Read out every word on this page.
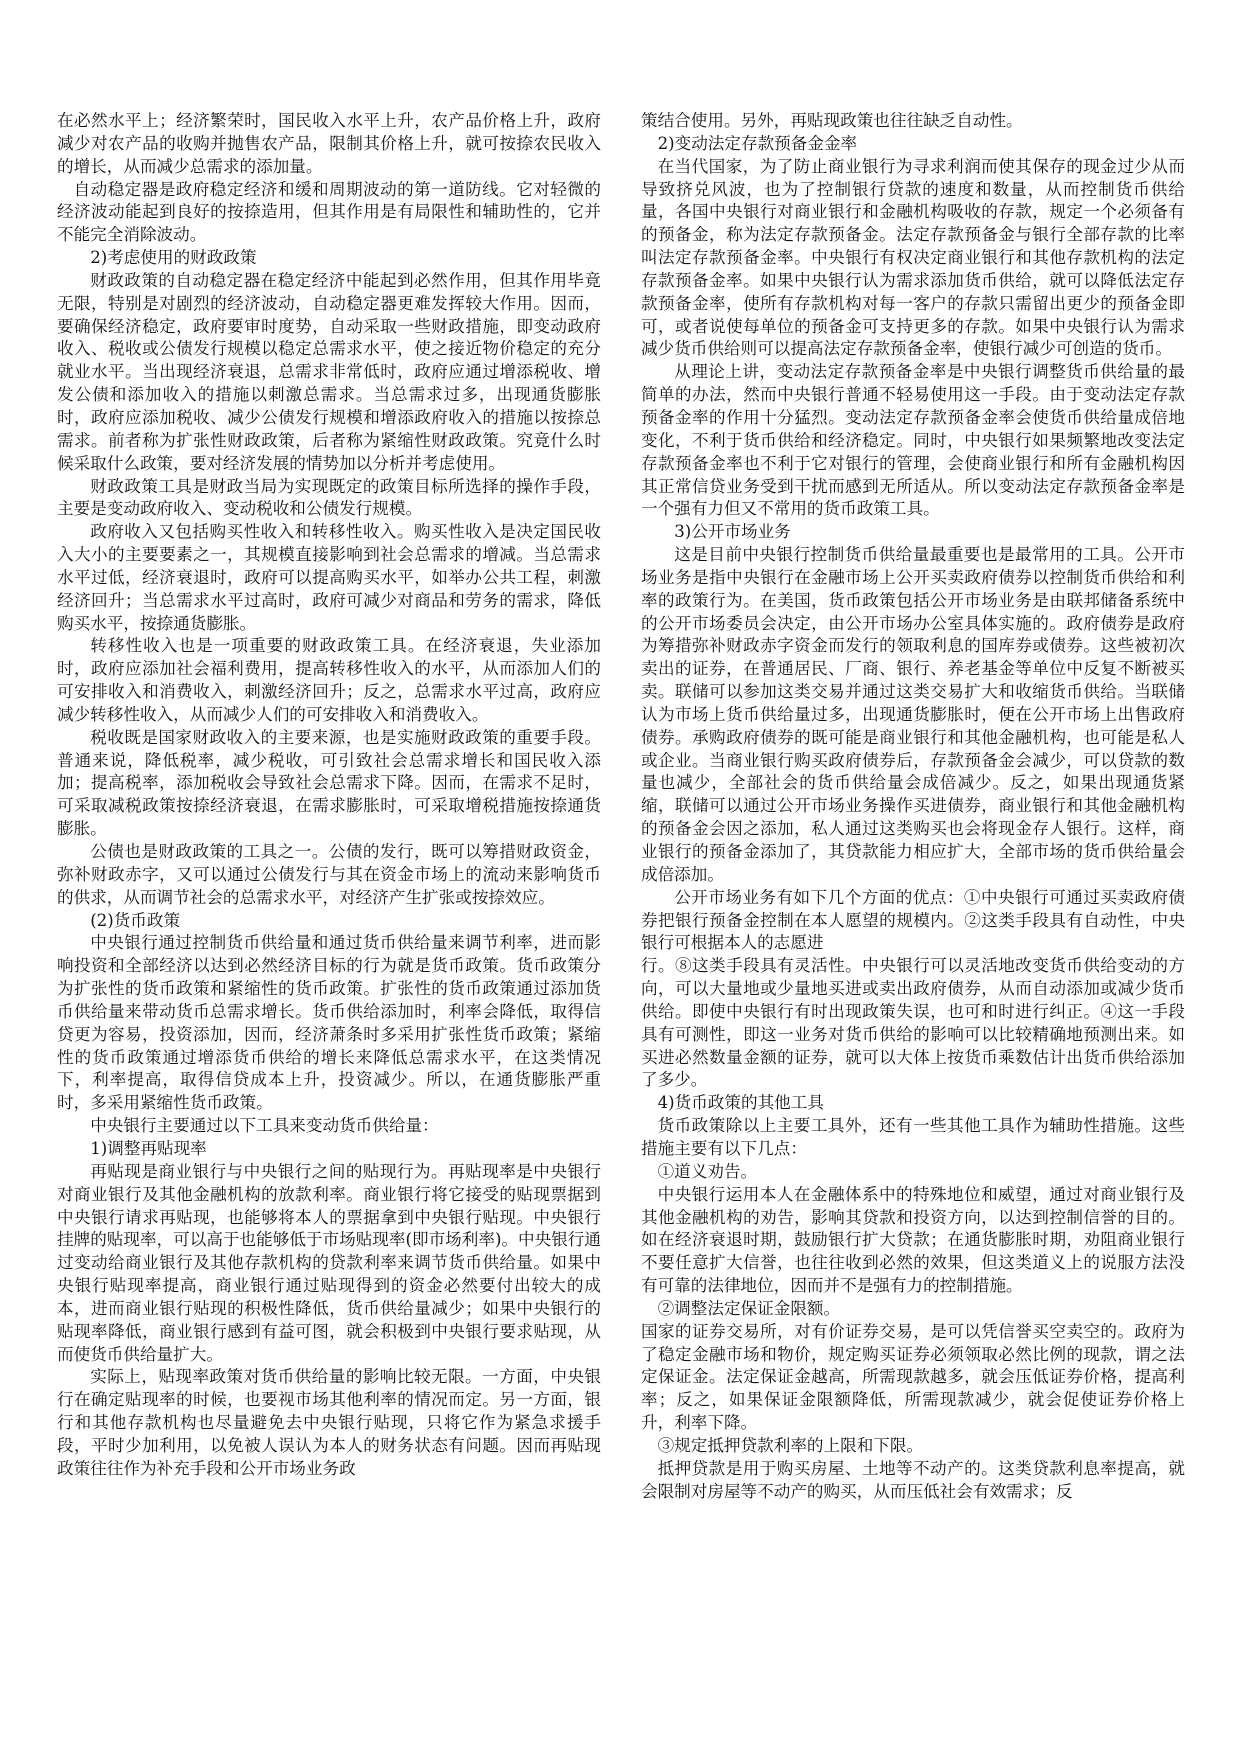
在必然水平上；经济繁荣时，国民收入水平上升，农产品价格上升，政府减少对农产品的收购并抛售农产品，限制其价格上升，就可按捺农民收入的增长，从而减少总需求的添加量。

自动稳定器是政府稳定经济和缓和周期波动的第一道防线。它对轻微的经济波动能起到良好的按捺造用，但其作用是有局限性和辅助性的，它并不能完全消除波动。

2)考虑使用的财政政策

财政政策的自动稳定器在稳定经济中能起到必然作用，但其作用毕竟无限，特别是对剧烈的经济波动，自动稳定器更难发挥较大作用。因而，要确保经济稳定，政府要审时度势，自动采取一些财政措施，即变动政府收入、税收或公债发行规模以稳定总需求水平，使之接近物价稳定的充分就业水平。当出现经济衰退，总需求非常低时，政府应通过增添税收、增发公债和添加收入的措施以刺激总需求。当总需求过多，出现通货膨胀时，政府应添加税收、减少公债发行规模和增添政府收入的措施以按捺总需求。前者称为扩张性财政政策，后者称为紧缩性财政政策。究竟什么时候采取什么政策，要对经济发展的情势加以分析并考虑使用。

财政政策工具是财政当局为实现既定的政策目标所选择的操作手段，主要是变动政府收入、变动税收和公债发行规模。

政府收入又包括购买性收入和转移性收入。购买性收入是决定国民收入大小的主要要素之一，其规模直接影响到社会总需求的增减。当总需求水平过低，经济衰退时，政府可以提高购买水平，如举办公共工程，刺激经济回升；当总需求水平过高时，政府可减少对商品和劳务的需求，降低购买水平，按捺通货膨胀。

转移性收入也是一项重要的财政政策工具。在经济衰退，失业添加时，政府应添加社会福利费用，提高转移性收入的水平，从而添加人们的可安排收入和消费收入，刺激经济回升；反之，总需求水平过高，政府应减少转移性收入，从而减少人们的可安排收入和消费收入。

税收既是国家财政收入的主要来源，也是实施财政政策的重要手段。普通来说，降低税率，减少税收，可引致社会总需求增长和国民收入添加；提高税率，添加税收会导致社会总需求下降。因而，在需求不足时，可采取减税政策按捺经济衰退，在需求膨胀时，可采取增税措施按捺通货膨胀。

公债也是财政政策的工具之一。公债的发行，既可以筹措财政资金，弥补财政赤字，又可以通过公债发行与其在资金市场上的流动来影响货币的供求，从而调节社会的总需求水平，对经济产生扩张或按捺效应。

(2)货币政策

中央银行通过控制货币供给量和通过货币供给量来调节利率，进而影响投资和全部经济以达到必然经济目标的行为就是货币政策。货币政策分为扩张性的货币政策和紧缩性的货币政策。扩张性的货币政策通过添加货币供给量来带动货币总需求增长。货币供给添加时，利率会降低，取得信贷更为容易，投资添加，因而，经济萧条时多采用扩张性货币政策；紧缩性的货币政策通过增添货币供给的增长来降低总需求水平，在这类情况下，利率提高，取得信贷成本上升，投资减少。所以，在通货膨胀严重时，多采用紧缩性货币政策。

中央银行主要通过以下工具来变动货币供给量：

1)调整再贴现率

再贴现是商业银行与中央银行之间的贴现行为。再贴现率是中央银行对商业银行及其他金融机构的放款利率。商业银行将它接受的贴现票据到中央银行请求再贴现，也能够将本人的票据拿到中央银行贴现。中央银行挂牌的贴现率，可以高于也能够低于市场贴现率(即市场利率)。中央银行通过变动给商业银行及其他存款机构的贷款利率来调节货币供给量。如果中央银行贴现率提高，商业银行通过贴现得到的资金必然要付出较大的成本，进而商业银行贴现的积极性降低，货币供给量减少；如果中央银行的贴现率降低，商业银行感到有益可图，就会积极到中央银行要求贴现，从而使货币供给量扩大。

实际上，贴现率政策对货币供给量的影响比较无限。一方面，中央银行在确定贴现率的时候，也要视市场其他利率的情况而定。另一方面，银行和其他存款机构也尽量避免去中央银行贴现，只将它作为紧急求援手段，平时少加利用，以免被人误认为本人的财务状态有问题。因而再贴现政策往往作为补充手段和公开市场业务政

策结合使用。另外，再贴现政策也往往缺乏自动性。

2)变动法定存款预备金金率

在当代国家，为了防止商业银行为寻求利润而使其保存的现金过少从而导致挤兑风波，也为了控制银行贷款的速度和数量，从而控制货币供给量，各国中央银行对商业银行和金融机构吸收的存款，规定一个必须备有的预备金，称为法定存款预备金。法定存款预备金与银行全部存款的比率叫法定存款预备金率。中央银行有权决定商业银行和其他存款机构的法定存款预备金率。如果中央银行认为需求添加货币供给，就可以降低法定存款预备金率，使所有存款机构对每一客户的存款只需留出更少的预备金即可，或者说使每单位的预备金可支持更多的存款。如果中央银行认为需求减少货币供给则可以提高法定存款预备金率，使银行减少可创造的货币。

从理论上讲，变动法定存款预备金率是中央银行调整货币供给量的最简单的办法，然而中央银行普通不轻易使用这一手段。由于变动法定存款预备金率的作用十分猛烈。变动法定存款预备金率会使货币供给量成倍地变化，不利于货币供给和经济稳定。同时，中央银行如果频繁地改变法定存款预备金率也不利于它对银行的管理，会使商业银行和所有金融机构因其正常信贷业务受到干扰而感到无所适从。所以变动法定存款预备金率是一个强有力但又不常用的货币政策工具。

3)公开市场业务

这是目前中央银行控制货币供给量最重要也是最常用的工具。公开市场业务是指中央银行在金融市场上公开买卖政府债券以控制货币供给和利率的政策行为。在美国，货币政策包括公开市场业务是由联邦储备系统中的公开市场委员会决定，由公开市场办公室具体实施的。政府债券是政府为筹措弥补财政赤字资金而发行的领取利息的国库券或债券。这些被初次卖出的证券，在普通居民、厂商、银行、养老基金等单位中反复不断被买卖。联储可以参加这类交易并通过这类交易扩大和收缩货币供给。当联储认为市场上货币供给量过多，出现通货膨胀时，便在公开市场上出售政府债券。承购政府债券的既可能是商业银行和其他金融机构，也可能是私人或企业。当商业银行购买政府债券后，存款预备金会减少，可以贷款的数量也减少，全部社会的货币供给量会成倍减少。反之，如果出现通货紧缩，联储可以通过公开市场业务操作买进债券，商业银行和其他金融机构的预备金会因之添加，私人通过这类购买也会将现金存人银行。这样，商业银行的预备金添加了，其贷款能力相应扩大，全部市场的货币供给量会成倍添加。

公开市场业务有如下几个方面的优点：①中央银行可通过买卖政府债券把银行预备金控制在本人愿望的规模内。②这类手段具有自动性，中央银行可根据本人的志愿进

行。⑧这类手段具有灵活性。中央银行可以灵活地改变货币供给变动的方向，可以大量地或少量地买进或卖出政府债券，从而自动添加或减少货币供给。即使中央银行有时出现政策失误，也可和时进行纠正。④这一手段具有可测性，即这一业务对货币供给的影响可以比较精确地预测出来。如买进必然数量金额的证券，就可以大体上按货币乘数估计出货币供给添加了多少。

4)货币政策的其他工具

货币政策除以上主要工具外，还有一些其他工具作为辅助性措施。这些措施主要有以下几点：

①道义劝告。

中央银行运用本人在金融体系中的特殊地位和威望，通过对商业银行及其他金融机构的劝告，影响其贷款和投资方向，以达到控制信誉的目的。如在经济衰退时期，鼓励银行扩大贷款；在通货膨胀时期，劝阻商业银行不要任意扩大信誉，也往往收到必然的效果，但这类道义上的说服方法没有可靠的法律地位，因而并不是强有力的控制措施。

②调整法定保证金限额。

国家的证券交易所，对有价证券交易，是可以凭信誉买空卖空的。政府为了稳定金融市场和物价，规定购买证券必须领取必然比例的现款，谓之法定保证金。法定保证金越高，所需现款越多，就会压低证券价格，提高利率；反之，如果保证金限额降低，所需现款减少，就会促使证券价格上升，利率下降。

③规定抵押贷款利率的上限和下限。

抵押贷款是用于购买房屋、土地等不动产的。这类贷款利息率提高，就会限制对房屋等不动产的购买，从而压低社会有效需求；反
